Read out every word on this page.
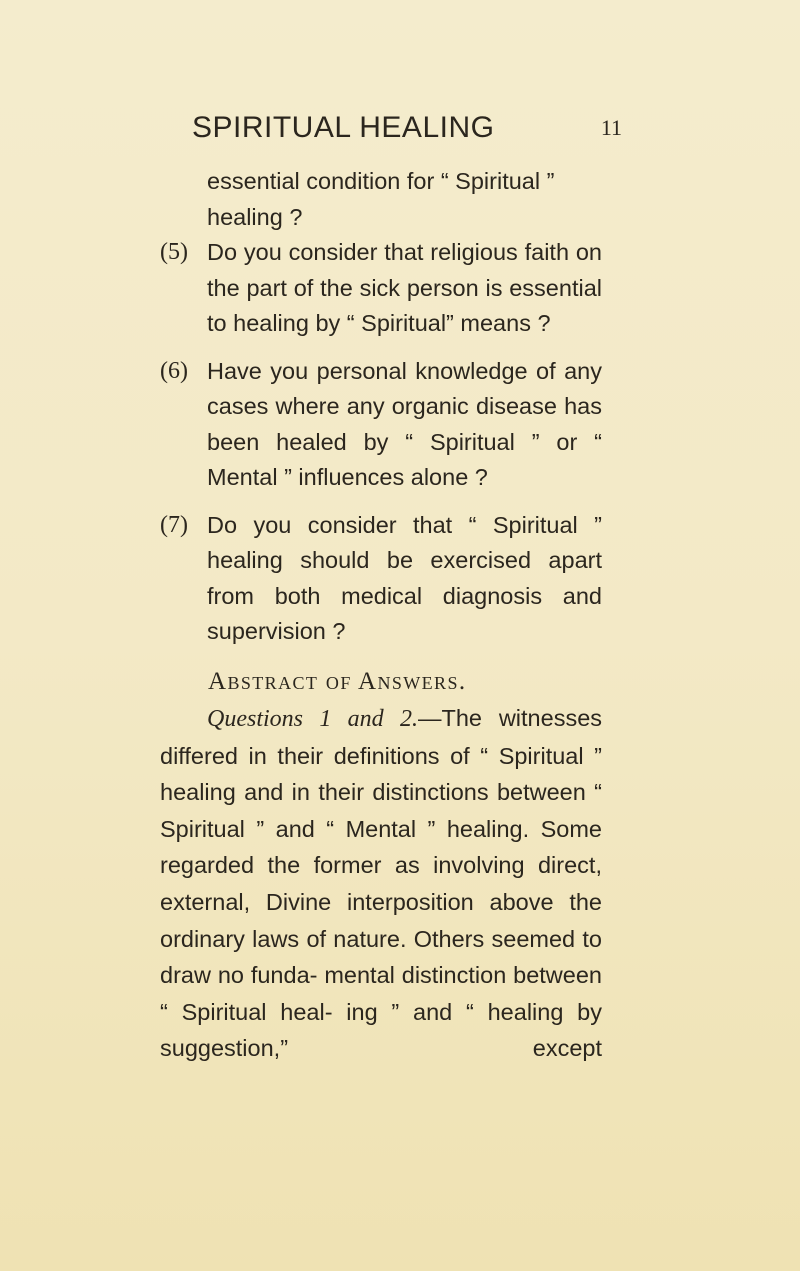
SPIRITUAL HEALING	11

essential condition for “ Spiritual ” healing ?

(5) Do you consider that religious faith on the part of the sick person is essential to healing by “ Spiritual” means ?

(6) Have you personal knowledge of any cases where any organic disease has been healed by “ Spiritual ” or “ Mental ” influences alone ?

(7) Do you consider that “ Spiritual ” healing should be exercised apart from both medical diagnosis and supervision ?

Abstract of Answers.

Questions 1 and 2.—The witnesses differed in their definitions of “ Spiritual ” healing and in their distinctions between “ Spiritual ” and “ Mental ” healing. Some regarded the former as involving direct, external, Divine interposition above the ordinary laws of nature. Others seemed to draw no funda- mental distinction between “ Spiritual heal- ing ” and “ healing by suggestion,” except
